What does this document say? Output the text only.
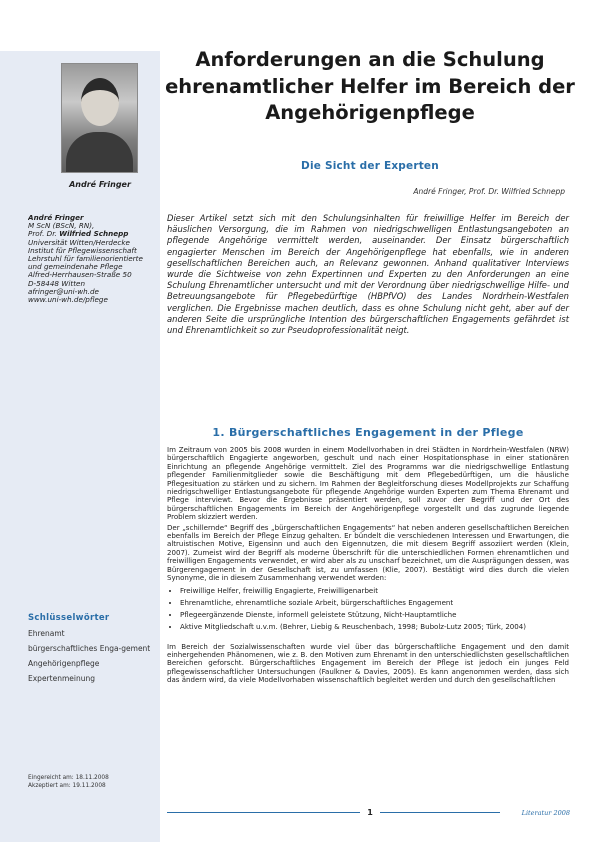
André Fringer
André Fringer
M ScN (BScN, RN),
Prof. Dr. Wilfried Schnepp
Universität Witten/Herdecke
Institut für Pflegewissenschaft
Lehrstuhl für familienorientierte
und gemeindenahe Pflege
Alfred-Herrhausen-Straße 50
D-58448 Witten
afringer@uni-wh.de
www.uni-wh.de/pflege
Schlüsselwörter
Ehrenamt
bürgerschaftliches Enga-gement
Angehörigenpflege
Expertenmeinung
Eingereicht am: 18.11.2008
Akzeptiert am: 19.11.2008
Anforderungen an die Schulung ehrenamtlicher Helfer im Bereich der Angehörigenpflege
Die Sicht der Experten
André Fringer, Prof. Dr. Wilfried Schnepp

Dieser Artikel setzt sich mit den Schulungsinhalten für freiwillige Helfer im Bereich der häuslichen Versorgung, die im Rahmen von niedrigschwelligen Entlastungsangeboten an pflegende Angehörige vermittelt werden, auseinander. Der Einsatz bürgerschaftlich engagierter Menschen im Bereich der Angehörigenpflege hat ebenfalls, wie in anderen gesellschaftlichen Bereichen auch, an Relevanz gewonnen. Anhand qualitativer Interviews wurde die Sichtweise von zehn Expertinnen und Experten zu den Anforderungen an eine Schulung Ehrenamtlicher untersucht und mit der Verordnung über niedrigschwellige Hilfe- und Betreuungsangebote für Pflegebedürftige (HBPfVO) des Landes Nordrhein-Westfalen verglichen. Die Ergebnisse machen deutlich, dass es ohne Schulung nicht geht, aber auf der anderen Seite die ursprüngliche Intention des bürgerschaftlichen Engagements gefährdet ist und Ehrenamtlichkeit so zur Pseudoprofessionalität neigt.

1. Bürgerschaftliches Engagement in der Pflege

Im Zeitraum von 2005 bis 2008 wurden in einem Modellvorhaben in drei Städten in Nordrhein-Westfalen (NRW) bürgerschaftlich Engagierte angeworben, geschult und nach einer Hospitationsphase in einer stationären Einrichtung an pflegende Angehörige vermittelt. Ziel des Programms war die niedrigschwellige Entlastung pflegender Familienmitglieder sowie die Beschäftigung mit dem Pflegebedürftigen, um die häusliche Pflegesituation zu stärken und zu sichern. Im Rahmen der Begleitforschung dieses Modellprojekts zur Schaffung niedrigschwelliger Entlastungsangebote für pflegende Angehörige wurden Experten zum Thema Ehrenamt und Pflege interviewt. Bevor die Ergebnisse präsentiert werden, soll zuvor der Begriff und der Ort des bürgerschaftlichen Engagements im Bereich der Angehörigenpflege vorgestellt und das zugrunde liegende Problem skizziert werden.

Der „schillernde“ Begriff des „bürgerschaftlichen Engagements“ hat neben anderen gesellschaftlichen Bereichen ebenfalls im Bereich der Pflege Einzug gehalten. Er bündelt die verschiedenen Interessen und Erwartungen, die altruistischen Motive, Eigensinn und auch den Eigennutzen, die mit diesem Begriff assoziiert werden (Klein, 2007). Zumeist wird der Begriff als moderne Überschrift für die unterschiedlichen Formen ehrenamtlichen und freiwilligen Engagements verwendet, er wird aber als zu unscharf bezeichnet, um die Ausprägungen dessen, was Bürgerengagement in der Gesellschaft ist, zu umfassen (Klie, 2007). Bestätigt wird dies durch die vielen Synonyme, die in diesem Zusammenhang verwendet werden:

• Freiwillige Helfer, freiwillig Engagierte, Freiwilligenarbeit
• Ehrenamtliche, ehrenamtliche soziale Arbeit, bürgerschaftliches Engagement
• Pflegeergänzende Dienste, informell geleistete Stützung, Nicht-Hauptamtliche
• Aktive Mitgliedschaft u.v.m. (Behrer, Liebig & Reuschenbach, 1998; Bubolz-Lutz 2005; Türk, 2004)

Im Bereich der Sozialwissenschaften wurde viel über das bürgerschaftliche Engagement und den damit einhergehenden Phänomenen, wie z. B. den Motiven zum Ehrenamt in den unterschiedlichsten gesellschaftlichen Bereichen geforscht. Bürgerschaftliches Engagement im Bereich der Pflege ist jedoch ein junges Feld pflegewissenschaftlicher Untersuchungen (Faulkner & Davies, 2005). Es kann angenommen werden, dass sich das ändern wird, da viele Modellvorhaben wissenschaftlich begleitet werden und durch den gesellschaftlichen

1	Literatur 2008
